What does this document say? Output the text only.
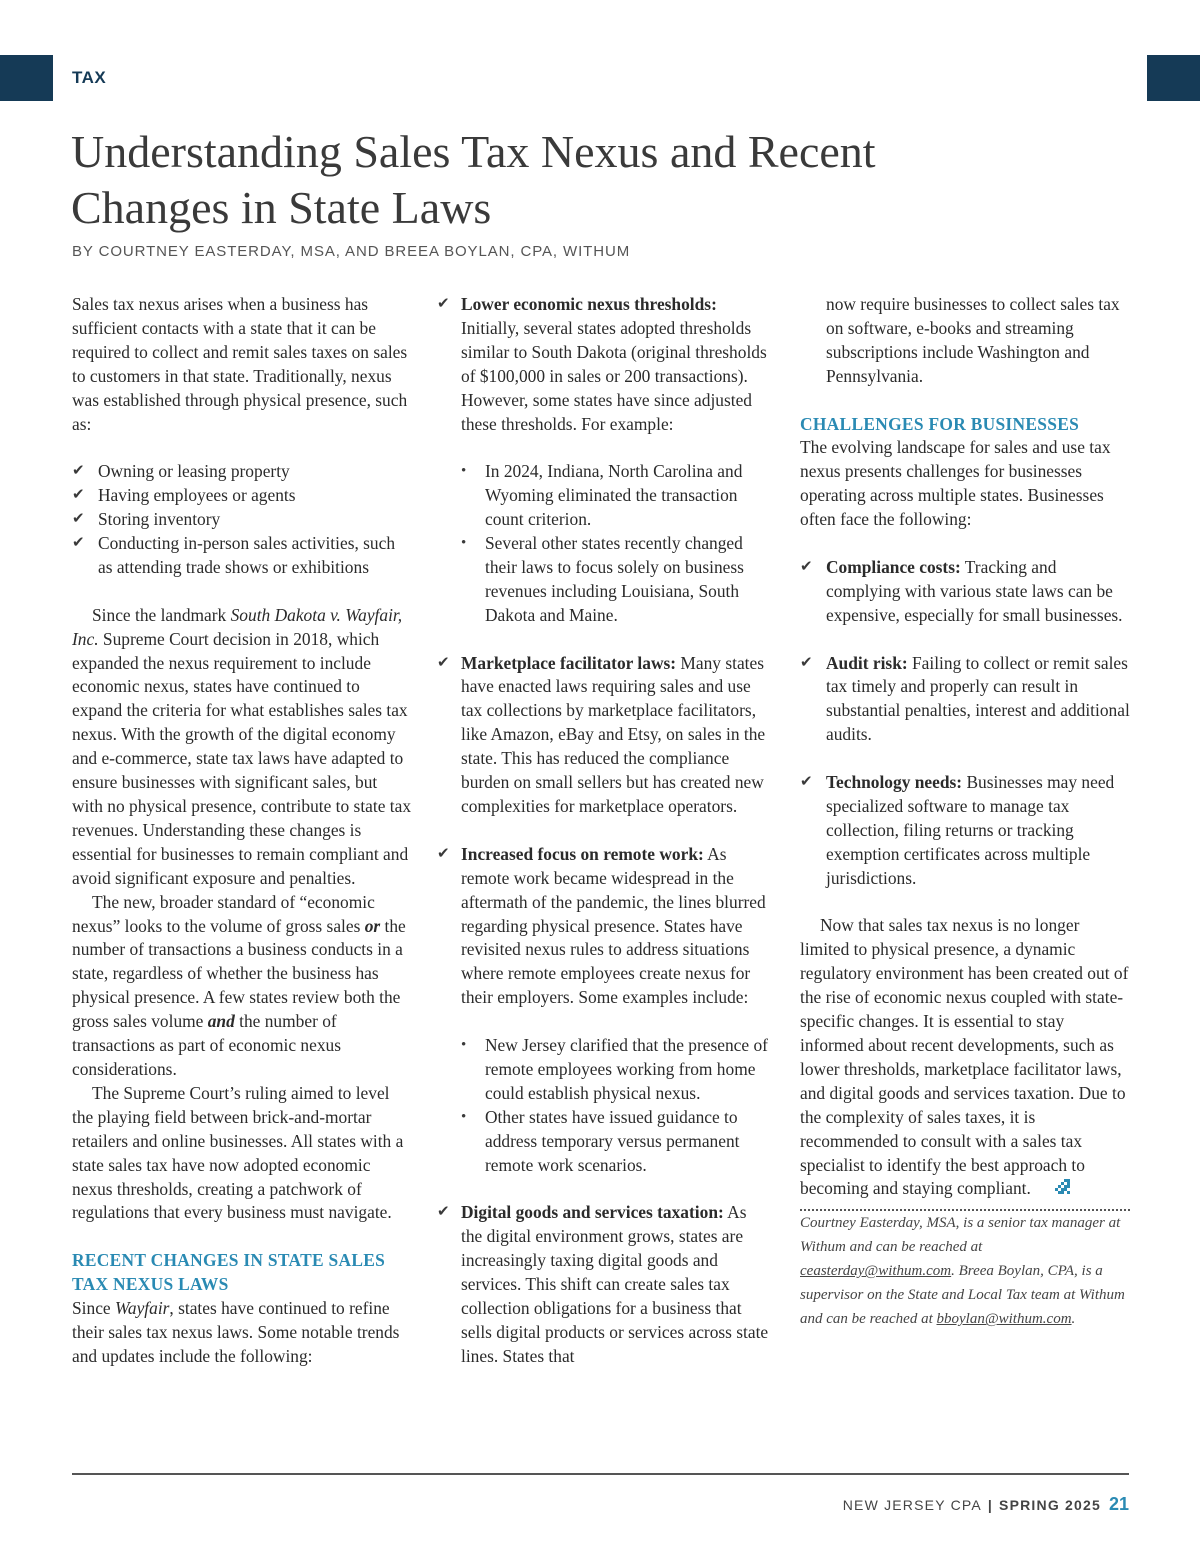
TAX
Understanding Sales Tax Nexus and Recent
Changes in State Laws
BY COURTNEY EASTERDAY, MSA, AND BREEA BOYLAN, CPA, WITHUM

Sales tax nexus arises when a business has sufficient contacts with a state that it can be required to collect and remit sales taxes on sales to customers in that state. Traditionally, nexus was established through physical presence, such as:

✔ Owning or leasing property
✔ Having employees or agents
✔ Storing inventory
✔ Conducting in-person sales activities, such as attending trade shows or exhibitions

Since the landmark South Dakota v. Wayfair, Inc. Supreme Court decision in 2018, which expanded the nexus requirement to include economic nexus, states have continued to expand the criteria for what establishes sales tax nexus. With the growth of the digital economy and e-commerce, state tax laws have adapted to ensure businesses with significant sales, but with no physical presence, contribute to state tax revenues. Understanding these changes is essential for businesses to remain compliant and avoid significant exposure and penalties.

The new, broader standard of “economic nexus” looks to the volume of gross sales or the number of transactions a business conducts in a state, regardless of whether the business has physical presence. A few states review both the gross sales volume and the number of transactions as part of economic nexus considerations.

The Supreme Court’s ruling aimed to level the playing field between brick-and-mortar retailers and online businesses. All states with a state sales tax have now adopted economic nexus thresholds, creating a patchwork of regulations that every business must navigate.

RECENT CHANGES IN STATE SALES TAX NEXUS LAWS

Since Wayfair, states have continued to refine their sales tax nexus laws. Some notable trends and updates include the following:

✔ Lower economic nexus thresholds: Initially, several states adopted thresholds similar to South Dakota (original thresholds of $100,000 in sales or 200 transactions). However, some states have since adjusted these thresholds. For example:
• In 2024, Indiana, North Carolina and Wyoming eliminated the transaction count criterion.
• Several other states recently changed their laws to focus solely on business revenues including Louisiana, South Dakota and Maine.
✔ Marketplace facilitator laws: Many states have enacted laws requiring sales and use tax collections by marketplace facilitators, like Amazon, eBay and Etsy, on sales in the state. This has reduced the compliance burden on small sellers but has created new complexities for marketplace operators.
✔ Increased focus on remote work: As remote work became widespread in the aftermath of the pandemic, the lines blurred regarding physical presence. States have revisited nexus rules to address situations where remote employees create nexus for their employers. Some examples include:
• New Jersey clarified that the presence of remote employees working from home could establish physical nexus.
• Other states have issued guidance to address temporary versus permanent remote work scenarios.
✔ Digital goods and services taxation: As the digital environment grows, states are increasingly taxing digital goods and services. This shift can create sales tax collection obligations for a business that sells digital products or services across state lines. States that

now require businesses to collect sales tax on software, e-books and streaming subscriptions include Washington and Pennsylvania.

CHALLENGES FOR BUSINESSES

The evolving landscape for sales and use tax nexus presents challenges for businesses operating across multiple states. Businesses often face the following:

✔ Compliance costs: Tracking and complying with various state laws can be expensive, especially for small businesses.
✔ Audit risk: Failing to collect or remit sales tax timely and properly can result in substantial penalties, interest and additional audits.
✔ Technology needs: Businesses may need specialized software to manage tax collection, filing returns or tracking exemption certificates across multiple jurisdictions.

Now that sales tax nexus is no longer limited to physical presence, a dynamic regulatory environment has been created out of the rise of economic nexus coupled with state-specific changes. It is essential to stay informed about recent developments, such as lower thresholds, marketplace facilitator laws, and digital goods and services taxation. Due to the complexity of sales taxes, it is recommended to consult with a sales tax specialist to identify the best approach to becoming and staying compliant.

Courtney Easterday, MSA, is a senior tax manager at Withum and can be reached at ceasterday@withum.com. Breea Boylan, CPA, is a supervisor on the State and Local Tax team at Withum and can be reached at bboylan@withum.com.

NEW JERSEY CPA | SPRING 2025 21
